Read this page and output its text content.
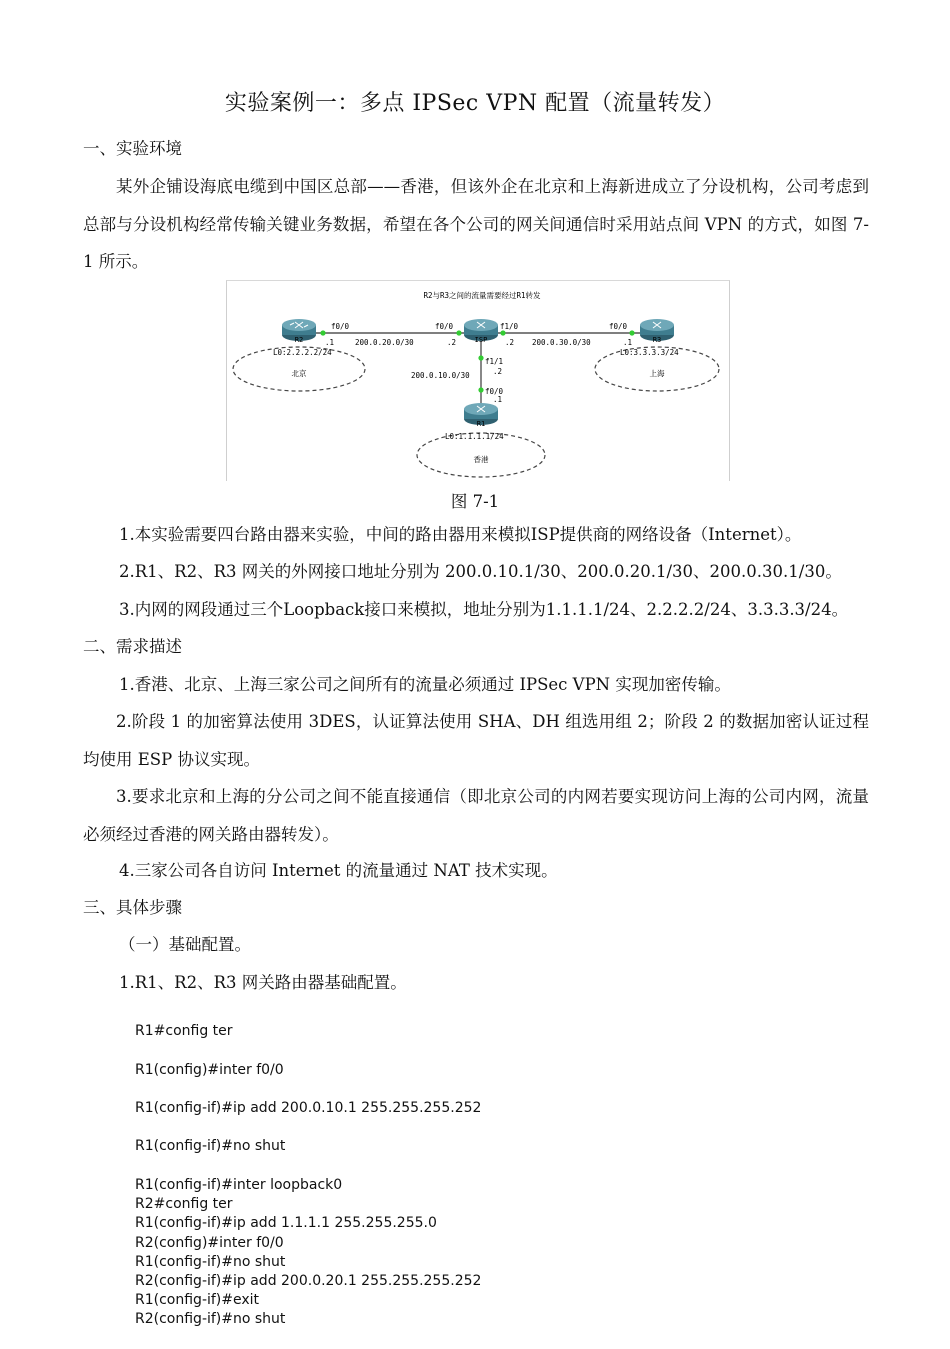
实验案例一：多点 IPSec VPN 配置（流量转发）
一、实验环境
某外企铺设海底电缆到中国区总部——香港，但该外企在北京和上海新进成立了分设机构，公司考虑到总部与分设机构经常传输关键业务数据，希望在各个公司的网关间通信时采用站点间 VPN 的方式，如图 7-1 所示。
R2与R3之间的流量需要经过R1转发
R2	ISP	R3
R1
f0/0	f0/0	f1/0	f0/0
f1/1
f0/0
200.0.20.0/30	200.0.30.0/30
200.0.10.0/30
.1	.2	.2	.1
.2
.1
L0:2.2.2.2/24	L0:3.3.3.3/24
L0:1.1.1.1/24
北京	上海
香港
图 7-1
1.本实验需要四台路由器来实验，中间的路由器用来模拟ISP提供商的网络设备（Internet）。
2.R1、R2、R3 网关的外网接口地址分别为 200.0.10.1/30、200.0.20.1/30、200.0.30.1/30。
3.内网的网段通过三个Loopback接口来模拟，地址分别为1.1.1.1/24、2.2.2.2/24、3.3.3.3/24。
二、需求描述
1.香港、北京、上海三家公司之间所有的流量必须通过 IPSec VPN 实现加密传输。
2.阶段 1 的加密算法使用 3DES，认证算法使用 SHA、DH 组选用组 2；阶段 2 的数据加密认证过程均使用 ESP 协议实现。
3.要求北京和上海的分公司之间不能直接通信（即北京公司的内网若要实现访问上海的公司内网，流量必须经过香港的网关路由器转发）。
4.三家公司各自访问 Internet 的流量通过 NAT 技术实现。
三、具体步骤
（一）基础配置。
1.R1、R2、R3 网关路由器基础配置。

R1#config ter

R1(config)#inter f0/0

R1(config-if)#ip add 200.0.10.1 255.255.255.252

R1(config-if)#no shut

R1(config-if)#inter loopback0

R1(config-if)#ip add 1.1.1.1 255.255.255.0

R1(config-if)#no shut

R1(config-if)#exit

R2#config ter

R2(config)#inter f0/0

R2(config-if)#ip add 200.0.20.1 255.255.255.252

R2(config-if)#no shut
